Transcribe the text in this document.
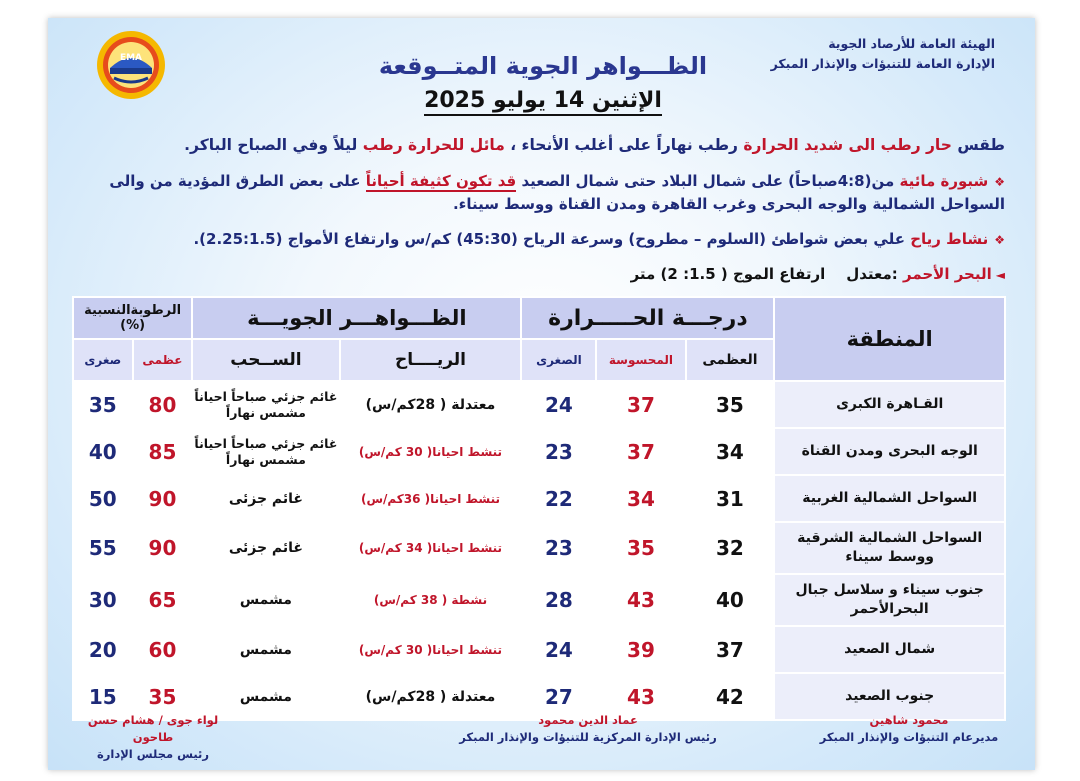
الهيئة العامة للأرصاد الجوية
الإدارة العامة للتنبؤات والإنذار المبكر
EMA	الظـــواهر الجوية المتــوقعة
الإثنين 14 يوليو 2025
طقس حار رطب الى شديد الحرارة رطب نهاراً على أغلب الأنحاء ، مائل للحرارة رطب ليلاً وفي الصباح الباكر.
❖شبورة مائية من(4:8صباحاً) على شمال البلاد حتى شمال الصعيد قد تكون كثيفة أحياناً على بعض الطرق المؤدية من والى السواحل الشمالية والوجه البحرى وغرب القاهرة ومدن القناة ووسط سيناء.
❖نشاط رياح علي بعض شواطئ (السلوم – مطروح) وسرعة الرياح (45:30) كم/س وارتفاع الأمواج (2.25:1.5).
◄البحر الأحمر :معتدل    ارتفاع الموج ( 1.5: 2) متر
المنطقة	درجـــة الحـــــرارة			الظـــواهـــر الجويـــة		الرطوبةالنسبية (%)	
	العظمى	المحسوسة	الصغرى	الريــــاح	الســحب	عظمى	صغرى
القـاهرة الكبرى	35	37	24	معتدلة ( 28كم/س)	غائم جزئي صباحاً احياناً مشمس نهاراً	80	35
الوجه البحرى ومدن القناة	34	37	23	تنشط احيانا( 30 كم/س)	غائم جزئي صباحاً احياناً مشمس نهاراً	85	40
السواحل الشمالية الغربية	31	34	22	تنشط احيانا( 36كم/س)	غائم جزئى	90	50
السواحل الشمالية الشرقية ووسط سيناء	32	35	23	تنشط احيانا( 34 كم/س)	غائم جزئى	90	55
جنوب سيناء و سلاسل جبال البحرالأحمر	40	43	28	نشطة ( 38 كم/س)	مشمس	65	30
شمال الصعيد	37	39	24	تنشط احيانا( 30 كم/س)	مشمس	60	20
جنوب الصعيد	42	43	27	معتدلة ( 28كم/س)	مشمس	35	15
محمود شاهين
مديرعام التنبؤات والإنذار المبكر
عماد الدين محمود
رئيس الإدارة المركزية للتنبؤات والإنذار المبكر
لواء جوى / هشام حسن طاحون
رئيس مجلس الإدارة
